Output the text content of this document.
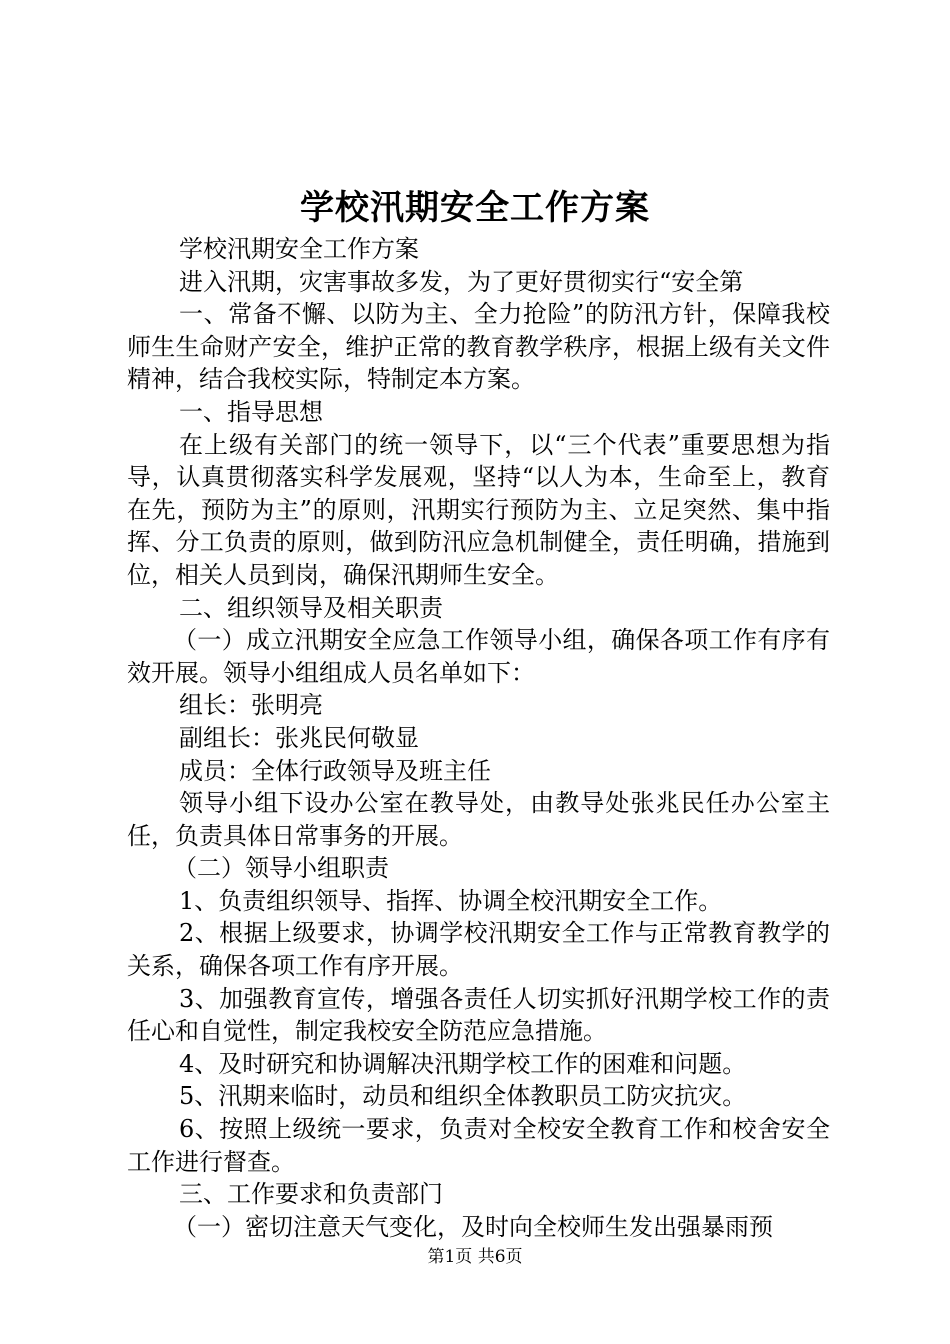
学校汛期安全工作方案

学校汛期安全工作方案

进入汛期，灾害事故多发，为了更好贯彻实行“安全第

一、常备不懈、以防为主、全力抢险”的防汛方针，保障我校师生生命财产安全，维护正常的教育教学秩序，根据上级有关文件精神，结合我校实际，特制定本方案。

一、指导思想

在上级有关部门的统一领导下，以“三个代表”重要思想为指导，认真贯彻落实科学发展观，坚持“以人为本，生命至上，教育在先，预防为主”的原则，汛期实行预防为主、立足突然、集中指挥、分工负责的原则，做到防汛应急机制健全，责任明确，措施到位，相关人员到岗，确保汛期师生安全。

二、组织领导及相关职责

（一）成立汛期安全应急工作领导小组，确保各项工作有序有效开展。领导小组组成人员名单如下：

组长：张明亮

副组长：张兆民何敬显

成员：全体行政领导及班主任

领导小组下设办公室在教导处，由教导处张兆民任办公室主任，负责具体日常事务的开展。

（二）领导小组职责

1、负责组织领导、指挥、协调全校汛期安全工作。

2、根据上级要求，协调学校汛期安全工作与正常教育教学的关系，确保各项工作有序开展。

3、加强教育宣传，增强各责任人切实抓好汛期学校工作的责任心和自觉性，制定我校安全防范应急措施。

4、及时研究和协调解决汛期学校工作的困难和问题。

5、汛期来临时，动员和组织全体教职员工防灾抗灾。

6、按照上级统一要求，负责对全校安全教育工作和校舍安全工作进行督查。

三、工作要求和负责部门

（一）密切注意天气变化，及时向全校师生发出强暴雨预

第1页 共6页
